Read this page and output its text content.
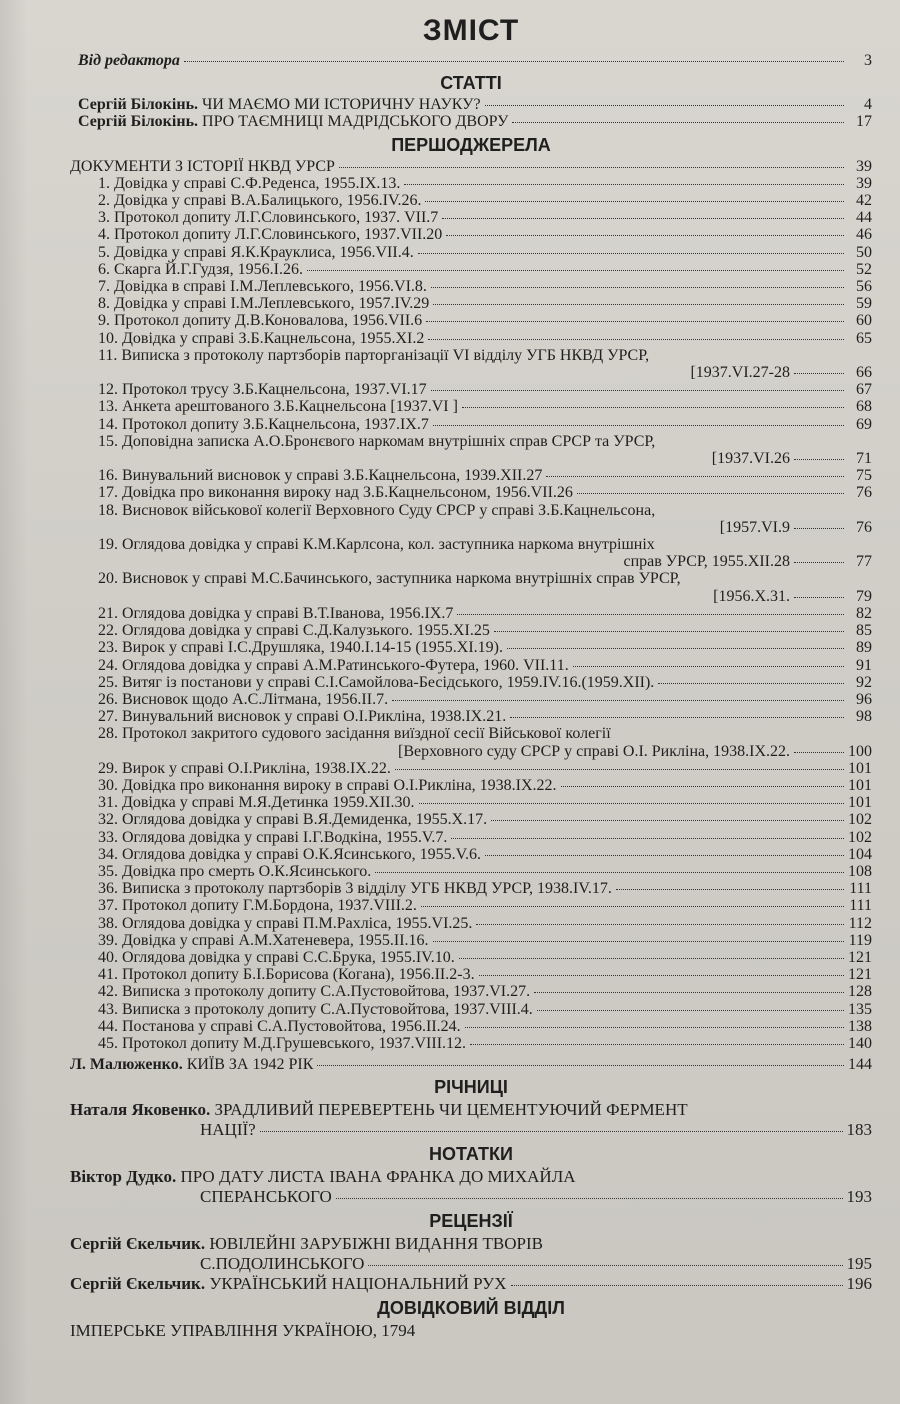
ЗМІСТ
Від редактора	3
СТАТТІ
Сергій Білокінь. ЧИ МАЄМО МИ ІСТОРИЧНУ НАУКУ?	4
Сергій Білокінь. ПРО ТАЄМНИЦІ МАДРІДСЬКОГО ДВОРУ	17
ПЕРШОДЖЕРЕЛА
ДОКУМЕНТИ З ІСТОРІЇ НКВД УРСР	39
1. Довідка у справі С.Ф.Реденса, 1955.IX.13.	39
2. Довідка у справі В.А.Балицького, 1956.IV.26.	42
3. Протокол допиту Л.Г.Словинського, 1937. VII.7	44
4. Протокол допиту Л.Г.Словинського, 1937.VII.20	46
5. Довідка у справі Я.К.Крауклиса, 1956.VII.4.	50
6. Скарга Й.Г.Гудзя, 1956.I.26.	52
7. Довідка в справі І.М.Леплевського, 1956.VI.8.	56
8. Довідка у справі І.М.Леплевського, 1957.IV.29	59
9. Протокол допиту Д.В.Коновалова, 1956.VII.6	60
10. Довідка у справі З.Б.Кацнельсона, 1955.XI.2	65
11. Виписка з протоколу партзборів парторганізації VI відділу УГБ НКВД УРСР,
[1937.VI.27-28	66
12. Протокол трусу З.Б.Кацнельсона, 1937.VI.17	67
13. Анкета арештованого З.Б.Кацнельсона [1937.VI ]	68
14. Протокол допиту З.Б.Кацнельсона, 1937.IX.7	69
15. Доповідна записка А.О.Бронєвого наркомам внутрішніх справ СРСР та УРСР,
[1937.VI.26	71
16. Винувальний висновок у справі З.Б.Кацнельсона, 1939.XII.27	75
17. Довідка про виконання вироку над З.Б.Кацнельсоном, 1956.VII.26	76
18. Висновок військової колегії Верховного Суду СРСР у справі З.Б.Кацнельсона,
[1957.VI.9	76
19. Оглядова довідка у справі К.М.Карлсона, кол. заступника наркома внутрішніх
справ УРСР, 1955.XII.28	77
20. Висновок у справі М.С.Бачинського, заступника наркома внутрішніх справ УРСР,
[1956.X.31.	79
21. Оглядова довідка у справі В.Т.Іванова, 1956.IX.7	82
22. Оглядова довідка у справі С.Д.Калузького. 1955.XI.25	85
23. Вирок у справі І.С.Друшляка, 1940.I.14-15 (1955.XI.19).	89
24. Оглядова довідка у справі А.М.Ратинського-Футера, 1960. VII.11.	91
25. Витяг із постанови у справі С.І.Самойлова-Бесідського, 1959.IV.16.(1959.XII).	92
26. Висновок щодо А.С.Літмана, 1956.II.7.	96
27. Винувальний висновок у справі О.І.Рикліна, 1938.IX.21.	98
28. Протокол закритого судового засідання виїздної сесії Військової колегії
[Верховного суду СРСР у справі О.І. Рикліна, 1938.IX.22.	100
29. Вирок у справі О.І.Рикліна, 1938.IX.22.	101
30. Довідка про виконання вироку в справі О.І.Рикліна, 1938.IX.22.	101
31. Довідка у справі М.Я.Детинка 1959.XII.30.	101
32. Оглядова довідка у справі В.Я.Демиденка, 1955.X.17.	102
33. Оглядова довідка у справі І.Г.Водкіна, 1955.V.7.	102
34. Оглядова довідка у справі О.К.Ясинського, 1955.V.6.	104
35. Довідка про смерть О.К.Ясинського.	108
36. Виписка з протоколу партзборів 3 відділу УГБ НКВД УРСР, 1938.IV.17.	111
37. Протокол допиту Г.М.Бордона, 1937.VIII.2.	111
38. Оглядова довідка у справі П.М.Рахліса, 1955.VI.25.	112
39. Довідка у справі А.М.Хатеневера, 1955.II.16.	119
40. Оглядова довідка у справі С.С.Брука, 1955.IV.10.	121
41. Протокол допиту Б.І.Борисова (Когана), 1956.II.2-3.	121
42. Виписка з протоколу допиту С.А.Пустовойтова, 1937.VI.27.	128
43. Виписка з протоколу допиту С.А.Пустовойтова, 1937.VIII.4.	135
44. Постанова у справі С.А.Пустовойтова, 1956.II.24.	138
45. Протокол допиту М.Д.Грушевського, 1937.VIII.12.	140
Л. Малюженко. КИЇВ ЗА 1942 РІК	144
РІЧНИЦІ
Наталя Яковенко. ЗРАДЛИВИЙ ПЕРЕВЕРТЕНЬ ЧИ ЦЕМЕНТУЮЧИЙ ФЕРМЕНТ
НАЦІЇ?	183
НОТАТКИ
Віктор Дудко. ПРО ДАТУ ЛИСТА ІВАНА ФРАНКА ДО МИХАЙЛА
СПЕРАНСЬКОГО	193
РЕЦЕНЗІЇ
Сергій Єкельчик. ЮВІЛЕЙНІ ЗАРУБІЖНІ ВИДАННЯ ТВОРІВ
С.ПОДОЛИНСЬКОГО	195
Сергій Єкельчик. УКРАЇНСЬКИЙ НАЦІОНАЛЬНИЙ РУХ	196
ДОВІДКОВИЙ ВІДДІЛ
ІМПЕРСЬКЕ УПРАВЛІННЯ УКРАЇНОЮ, 1794
